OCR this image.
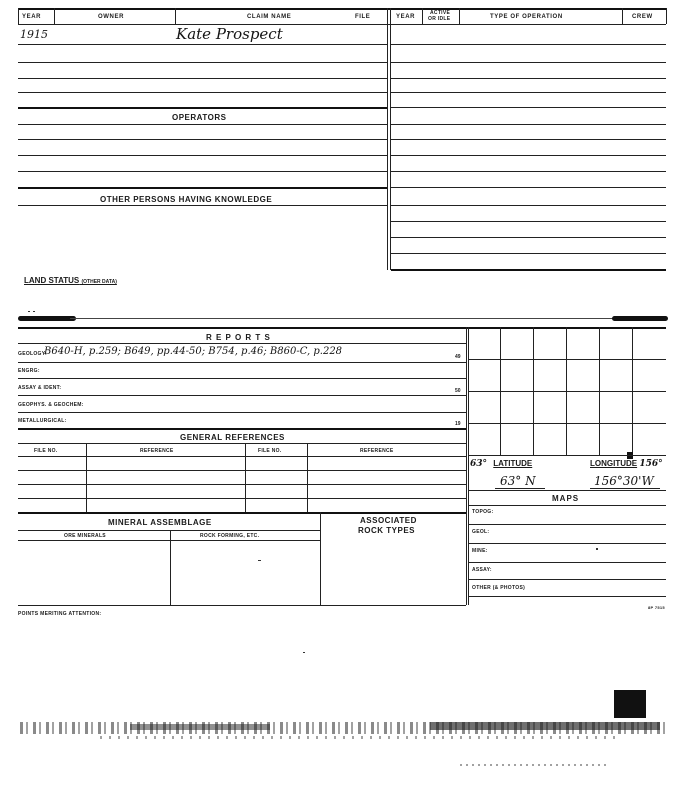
YEAR	OWNER	CLAIM NAME	FILE	YEAR
ACTIVE
OR IDLE	TYPE OF OPERATION	CREW
1915	Kate Prospect
OPERATORS
OTHER PERSONS HAVING KNOWLEDGE
LAND STATUS (OTHER DATA)
R E P O R T S
GEOLOGY:
B640-H, p.259; B649, pp.44-50; B754, p.46; B860-C, p.228	49
ENGRG:
ASSAY & IDENT:	50
GEOPHYS. & GEOCHEM:
METALLURGICAL:	19
GENERAL REFERENCES
FILE NO.	REFERENCE	FILE NO.	REFERENCE
MINERAL ASSEMBLAGE
ORE MINERALS	ROCK FORMING, ETC.
ASSOCIATED
ROCK TYPES
63° LATITUDE	LONGITUDE 156°
63° N	156°30'W
MAPS
TOPOG:
GEOL:
MINE:
ASSAY:
OTHER (& PHOTOS)
POINTS MERITING ATTENTION:
8P 7515
